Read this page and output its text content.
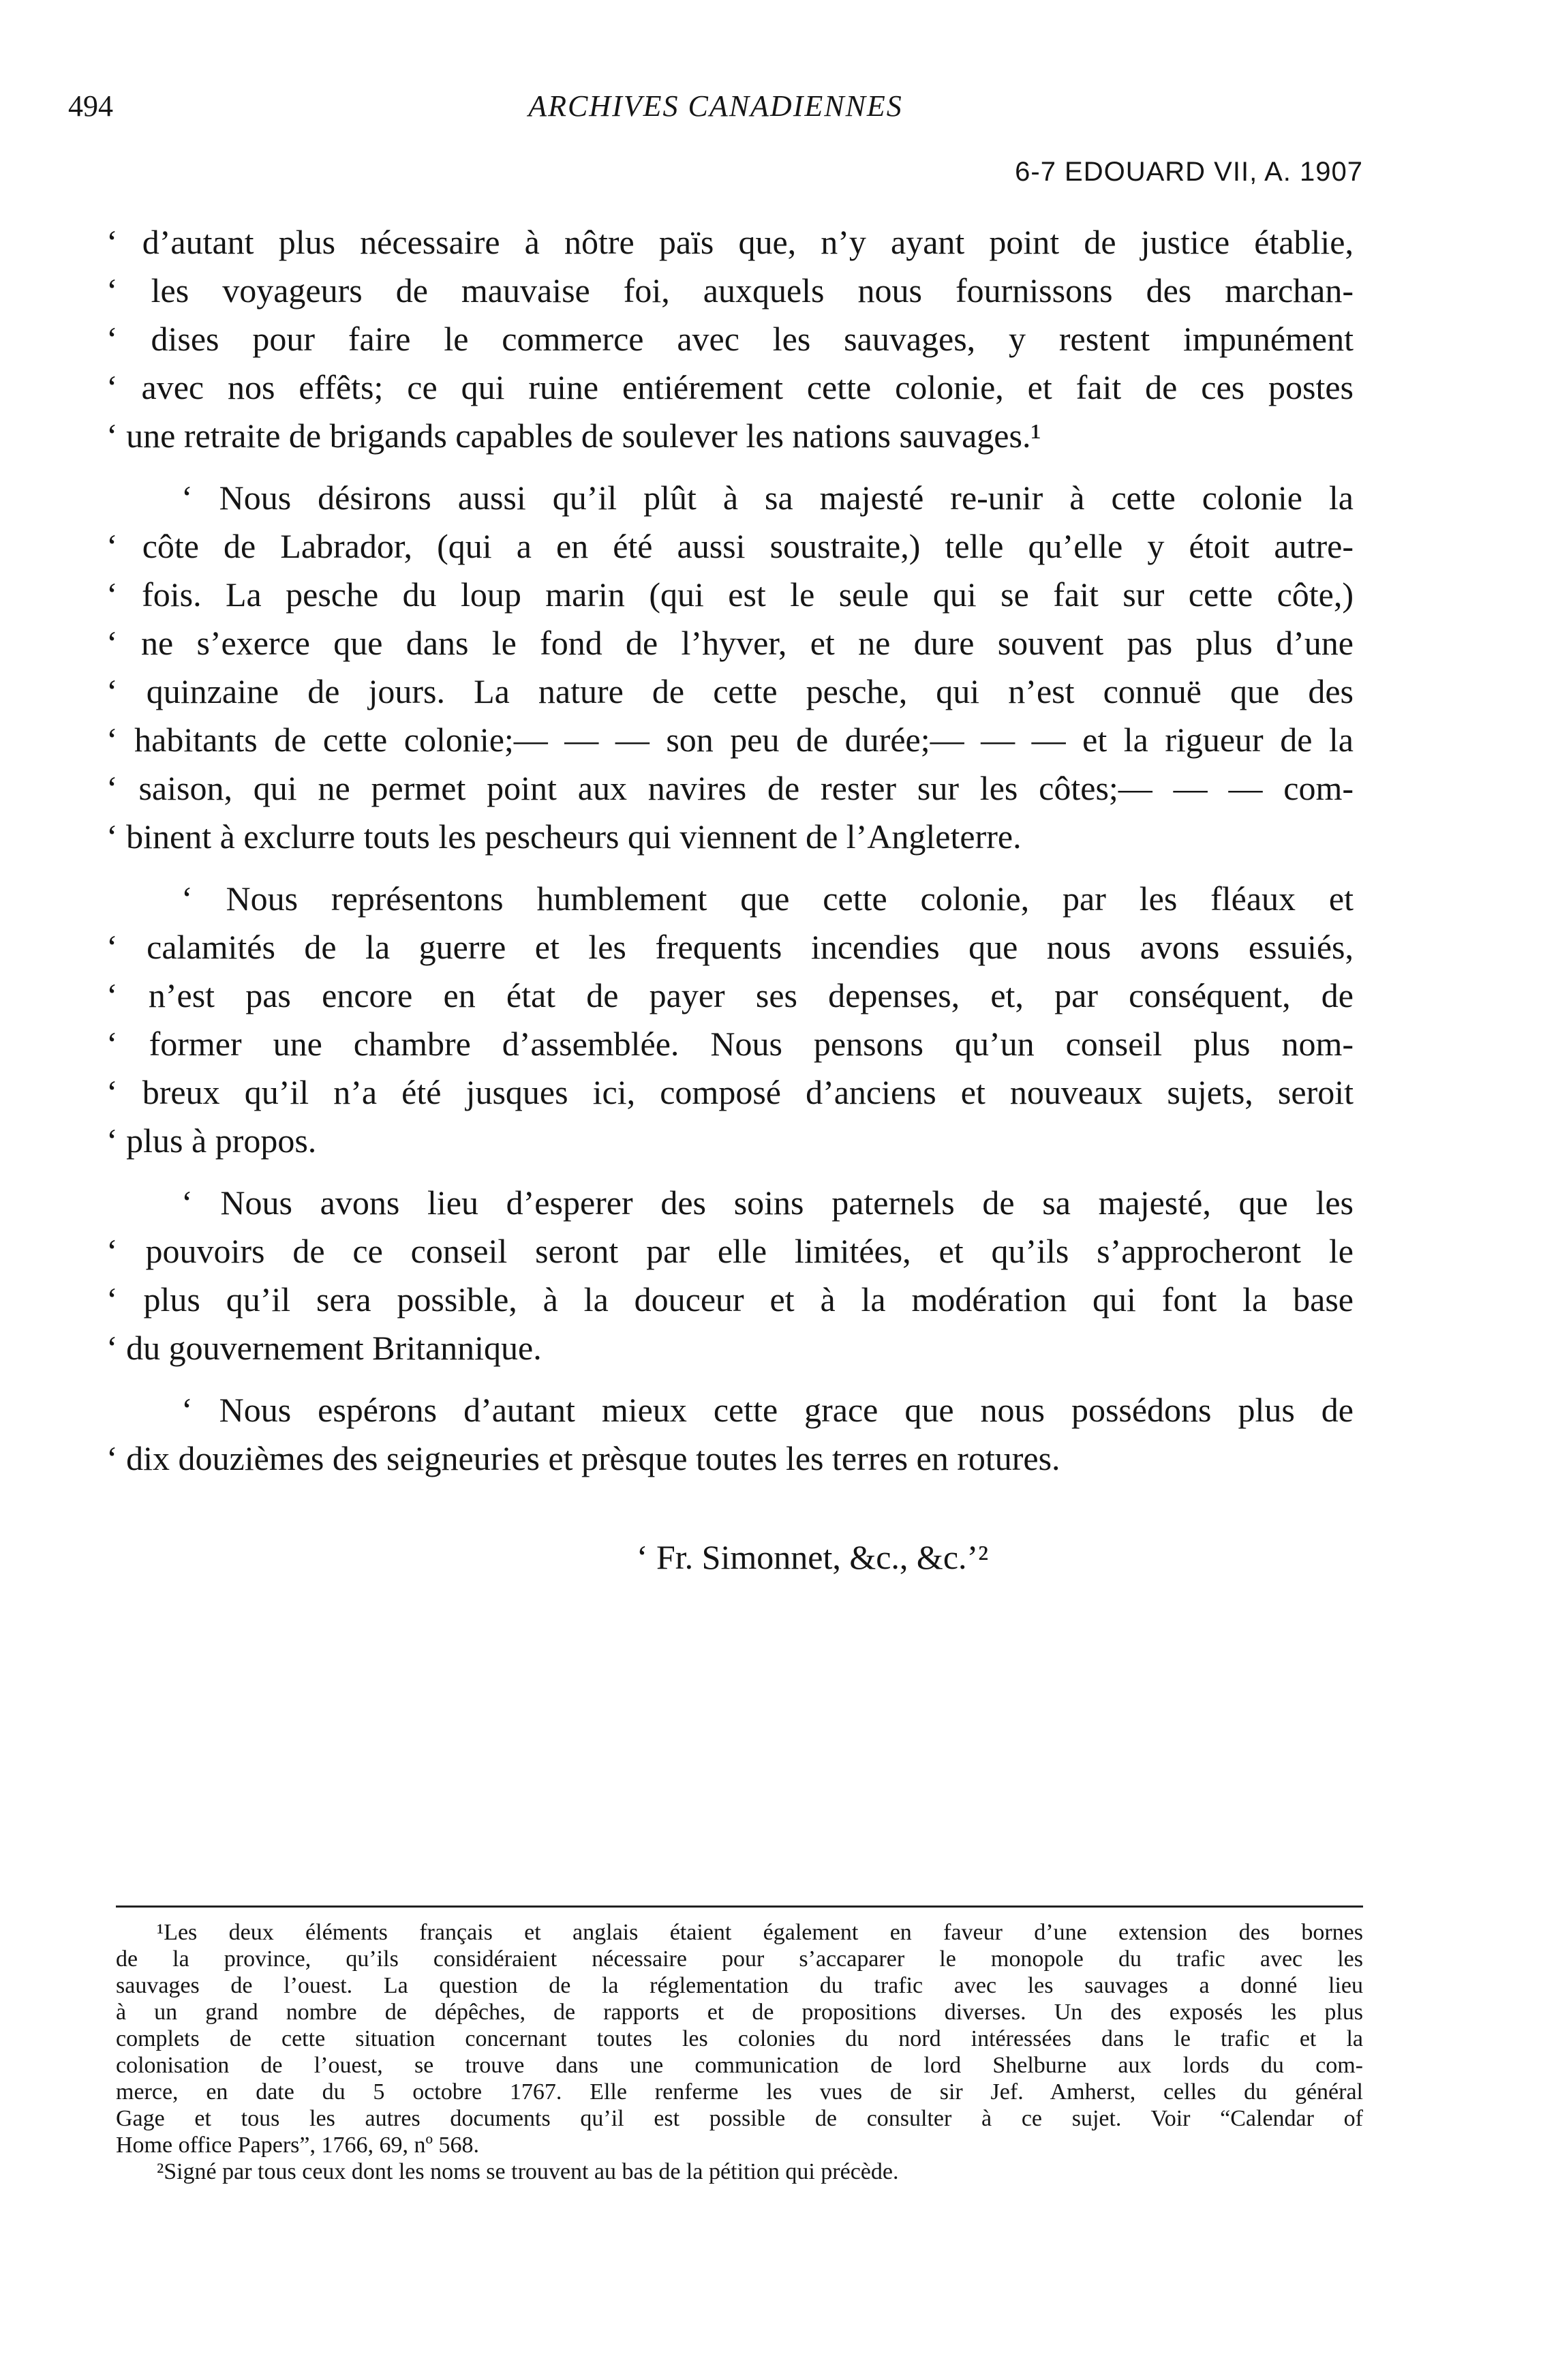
494	ARCHIVES CANADIENNES
6-7 EDOUARD VII, A. 1907
‘ d’autant plus nécessaire à nôtre païs que, n’y ayant point de justice établie,
‘ les voyageurs de mauvaise foi, auxquels nous fournissons des marchan-
‘ dises pour faire le commerce avec les sauvages, y restent impunément
‘ avec nos effêts; ce qui ruine entiérement cette colonie, et fait de ces postes
‘ une retraite de brigands capables de soulever les nations sauvages.¹
‘ Nous désirons aussi qu’il plût à sa majesté re-unir à cette colonie la
‘ côte de Labrador, (qui a en été aussi soustraite,) telle qu’elle y étoit autre-
‘ fois. La pesche du loup marin (qui est le seule qui se fait sur cette côte,)
‘ ne s’exerce que dans le fond de l’hyver, et ne dure souvent pas plus d’une
‘ quinzaine de jours. La nature de cette pesche, qui n’est connuë que des
‘ habitants de cette colonie;— — — son peu de durée;— — — et la rigueur de la
‘ saison, qui ne permet point aux navires de rester sur les côtes;— — — com-
‘ binent à exclurre touts les pescheurs qui viennent de l’Angleterre.
‘ Nous représentons humblement que cette colonie, par les fléaux et
‘ calamités de la guerre et les frequents incendies que nous avons essuiés,
‘ n’est pas encore en état de payer ses depenses, et, par conséquent, de
‘ former une chambre d’assemblée. Nous pensons qu’un conseil plus nom-
‘ breux qu’il n’a été jusques ici, composé d’anciens et nouveaux sujets, seroit
‘ plus à propos.
‘ Nous avons lieu d’esperer des soins paternels de sa majesté, que les
‘ pouvoirs de ce conseil seront par elle limitées, et qu’ils s’approcheront le
‘ plus qu’il sera possible, à la douceur et à la modération qui font la base
‘ du gouvernement Britannique.
‘ Nous espérons d’autant mieux cette grace que nous possédons plus de
‘ dix douzièmes des seigneuries et prèsque toutes les terres en rotures.
‘ Fr. Simonnet, &c., &c.’²
¹Les deux éléments français et anglais étaient également en faveur d’une extension des bornes
de la province, qu’ils considéraient nécessaire pour s’accaparer le monopole du trafic avec les
sauvages de l’ouest. La question de la réglementation du trafic avec les sauvages a donné lieu
à un grand nombre de dépêches, de rapports et de propositions diverses. Un des exposés les plus
complets de cette situation concernant toutes les colonies du nord intéressées dans le trafic et la
colonisation de l’ouest, se trouve dans une communication de lord Shelburne aux lords du com-
merce, en date du 5 octobre 1767. Elle renferme les vues de sir Jef. Amherst, celles du général
Gage et tous les autres documents qu’il est possible de consulter à ce sujet. Voir “Calendar of
Home office Papers”, 1766, 69, nº 568.
²Signé par tous ceux dont les noms se trouvent au bas de la pétition qui précède.
